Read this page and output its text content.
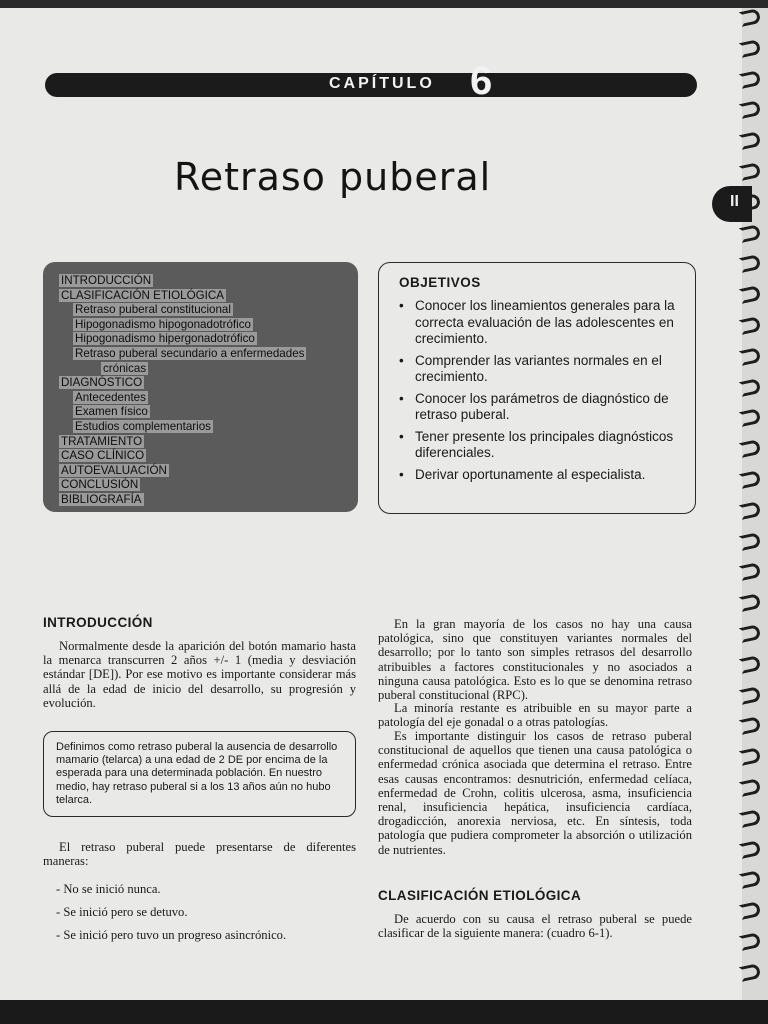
CAPÍTULO 6
Retraso puberal
II
INTRODUCCIÓN
CLASIFICACIÓN ETIOLÓGICA
Retraso puberal constitucional
Hipogonadismo hipogonadotrófico
Hipogonadismo hipergonadotrófico
Retraso puberal secundario a enfermedades
crónicas
DIAGNÓSTICO
Antecedentes
Examen físico
Estudios complementarios
TRATAMIENTO
CASO CLÍNICO
AUTOEVALUACIÓN
CONCLUSIÓN
BIBLIOGRAFÍA
OBJETIVOS
• Conocer los lineamientos generales para la correcta evaluación de las adolescentes en crecimiento.
• Comprender las variantes normales en el crecimiento.
• Conocer los parámetros de diagnóstico de retraso puberal.
• Tener presente los principales diagnósticos diferenciales.
• Derivar oportunamente al especialista.
INTRODUCCIÓN

Normalmente desde la aparición del botón mamario hasta la menarca transcurren 2 años +/- 1 (media y desviación estándar [DE]). Por ese motivo es importante considerar más allá de la edad de inicio del desarrollo, su progresión y evolución.

Definimos como retraso puberal la ausencia de desarrollo mamario (telarca) a una edad de 2 DE por encima de la esperada para una determinada población. En nuestro medio, hay retraso puberal si a los 13 años aún no hubo telarca.

El retraso puberal puede presentarse de diferentes maneras:

- No se inició nunca.
- Se inició pero se detuvo.
- Se inició pero tuvo un progreso asincrónico.

En la gran mayoría de los casos no hay una causa patológica, sino que constituyen variantes normales del desarrollo; por lo tanto son simples retrasos del desarrollo atribuibles a factores constitucionales y no asociados a ninguna causa patológica. Esto es lo que se denomina retraso puberal constitucional (RPC).

La minoría restante es atribuible en su mayor parte a patología del eje gonadal o a otras patologías.

Es importante distinguir los casos de retraso puberal constitucional de aquellos que tienen una causa patológica o enfermedad crónica asociada que determina el retraso. Entre esas causas encontramos: desnutrición, enfermedad celíaca, enfermedad de Crohn, colitis ulcerosa, asma, insuficiencia renal, insuficiencia hepática, insuficiencia cardíaca, drogadicción, anorexia nerviosa, etc. En síntesis, toda patología que pudiera comprometer la absorción o utilización de nutrientes.

CLASIFICACIÓN ETIOLÓGICA

De acuerdo con su causa el retraso puberal se puede clasificar de la siguiente manera: (cuadro 6-1).
